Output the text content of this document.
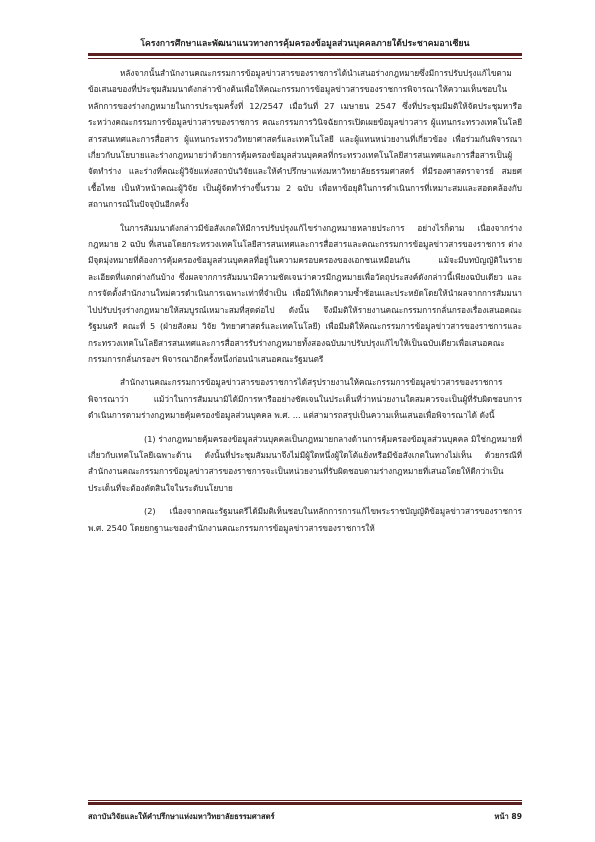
โครงการศึกษาและพัฒนาแนวทางการคุ้มครองข้อมูลส่วนบุคคลภายใต้ประชาคมอาเซียน

หลังจากนั้นสำนักงานคณะกรรมการข้อมูลข่าวสารของราชการได้นำเสนอร่างกฎหมายซึ่งมีการปรับปรุงแก้ไขตามข้อเสนอของที่ประชุมสัมมนาดังกล่าวข้างต้นเพื่อให้คณะกรรมการข้อมูลข่าวสารของราชการพิจารณาให้ความเห็นชอบในหลักการของร่างกฎหมายในการประชุมครั้งที่ 12/2547 เมื่อวันที่ 27 เมษายน 2547 ซึ่งที่ประชุมมีมติให้จัดประชุมหารือระหว่างคณะกรรมการข้อมูลข่าวสารของราชการ คณะกรรมการวินิจฉัยการเปิดเผยข้อมูลข่าวสาร ผู้แทนกระทรวงเทคโนโลยีสารสนเทศและการสื่อสาร ผู้แทนกระทรวงวิทยาศาสตร์และเทคโนโลยี และผู้แทนหน่วยงานที่เกี่ยวข้อง เพื่อร่วมกันพิจารณาเกี่ยวกับนโยบายและร่างกฎหมายว่าด้วยการคุ้มครองข้อมูลส่วนบุคคลที่กระทรวงเทคโนโลยีสารสนเทศและการสื่อสารเป็นผู้จัดทำร่าง และร่างที่คณะผู้วิจัยแห่งสถาบันวิจัยและให้คำปรึกษาแห่งมหาวิทยาลัยธรรมศาสตร์ ที่มีรองศาสตราจารย์ สมยศ เชื้อไทย เป็นหัวหน้าคณะผู้วิจัย เป็นผู้จัดทำร่างขึ้นรวม 2 ฉบับ เพื่อหาข้อยุติในการดำเนินการที่เหมาะสมและสอดคล้องกับสถานการณ์ในปัจจุบันอีกครั้ง

ในการสัมมนาดังกล่าวมีข้อสังเกตให้มีการปรับปรุงแก้ไขร่างกฎหมายหลายประการ อย่างไรก็ตาม เนื่องจากร่างกฎหมาย 2 ฉบับ ที่เสนอโดยกระทรวงเทคโนโลยีสารสนเทศและการสื่อสารและคณะกรรมการข้อมูลข่าวสารของราชการ ต่างมีจุดมุ่งหมายที่ต้องการคุ้มครองข้อมูลส่วนบุคคลที่อยู่ในความครอบครองของเอกชนเหมือนกัน แม้จะมีบทบัญญัติในรายละเอียดที่แตกต่างกันบ้าง ซึ่งผลจากการสัมมนามีความชัดเจนว่าควรมีกฎหมายเพื่อวัตถุประสงค์ดังกล่าวนี้เพียงฉบับเดียว และการจัดตั้งสำนักงานใหม่ควรดำเนินการเฉพาะเท่าที่จำเป็น เพื่อมิให้เกิดความซ้ำซ้อนและประหยัดโดยให้นำผลจากการสัมมนาไปปรับปรุงร่างกฎหมายให้สมบูรณ์เหมาะสมที่สุดต่อไป ดังนั้น จึงมีมติให้รายงานคณะกรรมการกลั่นกรองเรื่องเสนอคณะรัฐมนตรี คณะที่ 5 (ฝ่ายสังคม วิจัย วิทยาศาสตร์และเทคโนโลยี) เพื่อมีมติให้คณะกรรมการข้อมูลข่าวสารของราชการและกระทรวงเทคโนโลยีสารสนเทศและการสื่อสารรับร่างกฎหมายทั้งสองฉบับมาปรับปรุงแก้ไขให้เป็นฉบับเดียวเพื่อเสนอคณะกรรมการกลั่นกรองฯ พิจารณาอีกครั้งหนึ่งก่อนนำเสนอคณะรัฐมนตรี

สำนักงานคณะกรรมการข้อมูลข่าวสารของราชการได้สรุปรายงานให้คณะกรรมการข้อมูลข่าวสารของราชการพิจารณาว่า แม้ว่าในการสัมมนามิได้มีการหารืออย่างชัดเจนในประเด็นที่ว่าหน่วยงานใดสมควรจะเป็นผู้ที่รับผิดชอบการดำเนินการตามร่างกฎหมายคุ้มครองข้อมูลส่วนบุคคล พ.ศ. ... แต่สามารถสรุปเป็นความเห็นเสนอเพื่อพิจารณาได้ ดังนี้

(1) ร่างกฎหมายคุ้มครองข้อมูลส่วนบุคคลเป็นกฎหมายกลางด้านการคุ้มครองข้อมูลส่วนบุคคล มิใช่กฎหมายที่เกี่ยวกับเทคโนโลยีเฉพาะด้าน ดังนั้นที่ประชุมสัมมนาจึงไม่มีผู้ใดหนึ่งผู้ใดโต้แย้งหรือมีข้อสังเกตในทางไม่เห็น ด้วยกรณีที่สำนักงานคณะกรรมการข้อมูลข่าวสารของราชการจะเป็นหน่วยงานที่รับผิดชอบตามร่างกฎหมายที่เสนอโดยให้ดีกว่าเป็นประเด็นที่จะต้องตัดสินใจในระดับนโยบาย

(2) เนื่องจากคณะรัฐมนตรีได้มีมติเห็นชอบในหลักการการแก้ไขพระราชบัญญัติข้อมูลข่าวสารของราชการ พ.ศ. 2540 โดยยกฐานะของสำนักงานคณะกรรมการข้อมูลข่าวสารของราชการให้

สถาบันวิจัยและให้คำปรึกษาแห่งมหาวิทยาลัยธรรมศาสตร์	หน้า 89
